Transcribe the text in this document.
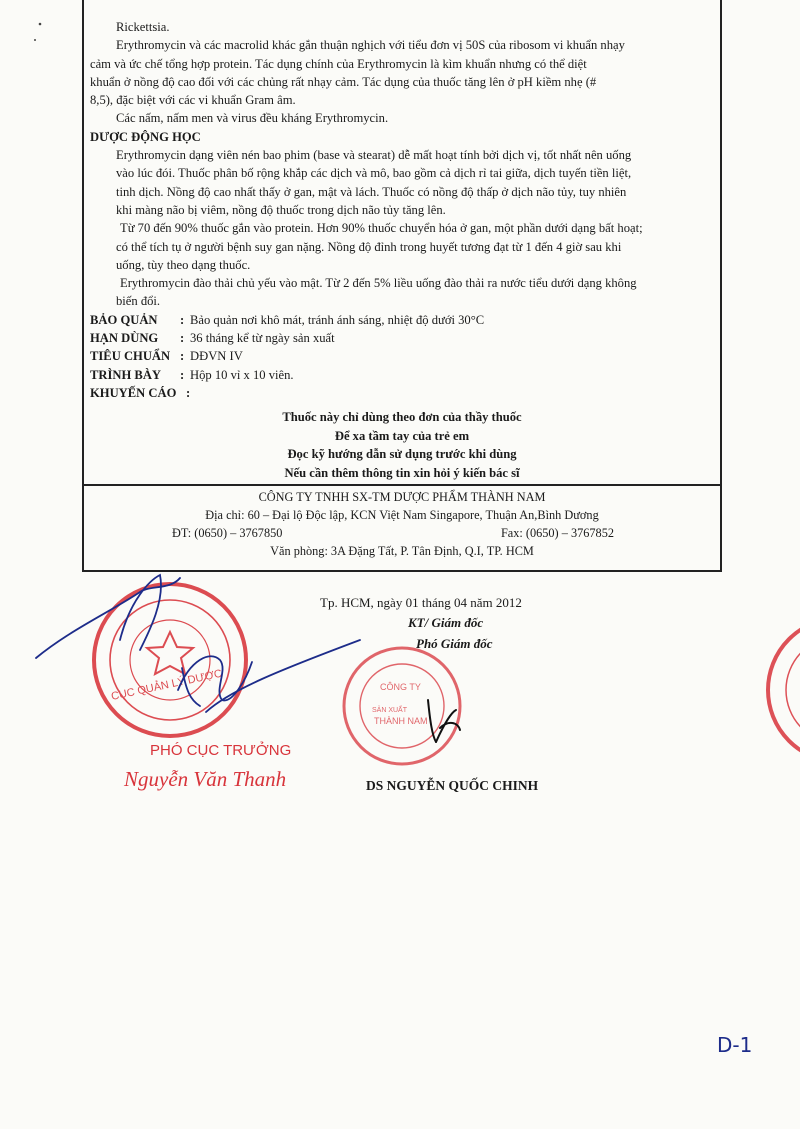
Rickettsia.

Erythromycin và các macrolid khác gắn thuận nghịch với tiểu đơn vị 50S của ribosom vi khuẩn nhạy

cảm và ức chế tổng hợp protein. Tác dụng chính của Erythromycin là kìm khuẩn nhưng có thể diệt

khuẩn ở nồng độ cao đối với các chủng rất nhạy cảm. Tác dụng của thuốc tăng lên ở pH kiềm nhẹ (#

8,5), đặc biệt với các vi khuẩn Gram âm.

Các nấm, nấm men và virus đều kháng Erythromycin.

DƯỢC ĐỘNG HỌC

Erythromycin dạng viên nén bao phim (base và stearat) dễ mất hoạt tính bởi dịch vị, tốt nhất nên uống

vào lúc đói. Thuốc phân bố rộng khắp các dịch và mô, bao gồm cả dịch rỉ tai giữa, dịch tuyến tiền liệt,

tinh dịch. Nồng độ cao nhất thấy ở gan, mật và lách. Thuốc có nồng độ thấp ở dịch não tủy, tuy nhiên

khi màng não bị viêm, nồng độ thuốc trong dịch não tủy tăng lên.

Từ 70 đến 90% thuốc gắn vào protein. Hơn 90% thuốc chuyển hóa ở gan, một phần dưới dạng bất hoạt;

có thể tích tụ ở người bệnh suy gan nặng. Nồng độ đỉnh trong huyết tương đạt từ 1 đến 4 giờ sau khi

uống, tùy theo dạng thuốc.

Erythromycin đào thải chủ yếu vào mật. Từ 2 đến 5% liều uống đào thải ra nước tiểu dưới dạng không

biến đổi.

BẢO QUẢN	: Bảo quản nơi khô mát, tránh ánh sáng, nhiệt độ dưới 30°C
HẠN DÙNG	: 36 tháng kể từ ngày sản xuất
TIÊU CHUẨN : DĐVN IV
TRÌNH BÀY	: Hộp 10 vỉ x 10 viên.
KHUYẾN CÁO :
Thuốc này chỉ dùng theo đơn của thầy thuốc
Để xa tầm tay của trẻ em
Đọc kỹ hướng dẫn sử dụng trước khi dùng
Nếu cần thêm thông tin xin hỏi ý kiến bác sĩ
CÔNG TY TNHH SX-TM DƯỢC PHẨM THÀNH NAM
Địa chỉ: 60 – Đại lộ Độc lập, KCN Việt Nam Singapore, Thuận An,Bình Dương
ĐT: (0650) – 3767850	Fax: (0650) – 3767852
Văn phòng: 3A Đặng Tất, P. Tân Định, Q.I, TP. HCM
CỤC QUẢN LÝ DƯỢC	CÔNG TY
SẢN XUẤT
THÀNH NAM
Tp. HCM, ngày 01 tháng 04 năm 2012
KT/ Giám đốc
Phó Giám đốc
PHÓ CỤC TRƯỞNG
Nguyễn Văn Thanh	DS NGUYỄN QUỐC CHINH
D-1
